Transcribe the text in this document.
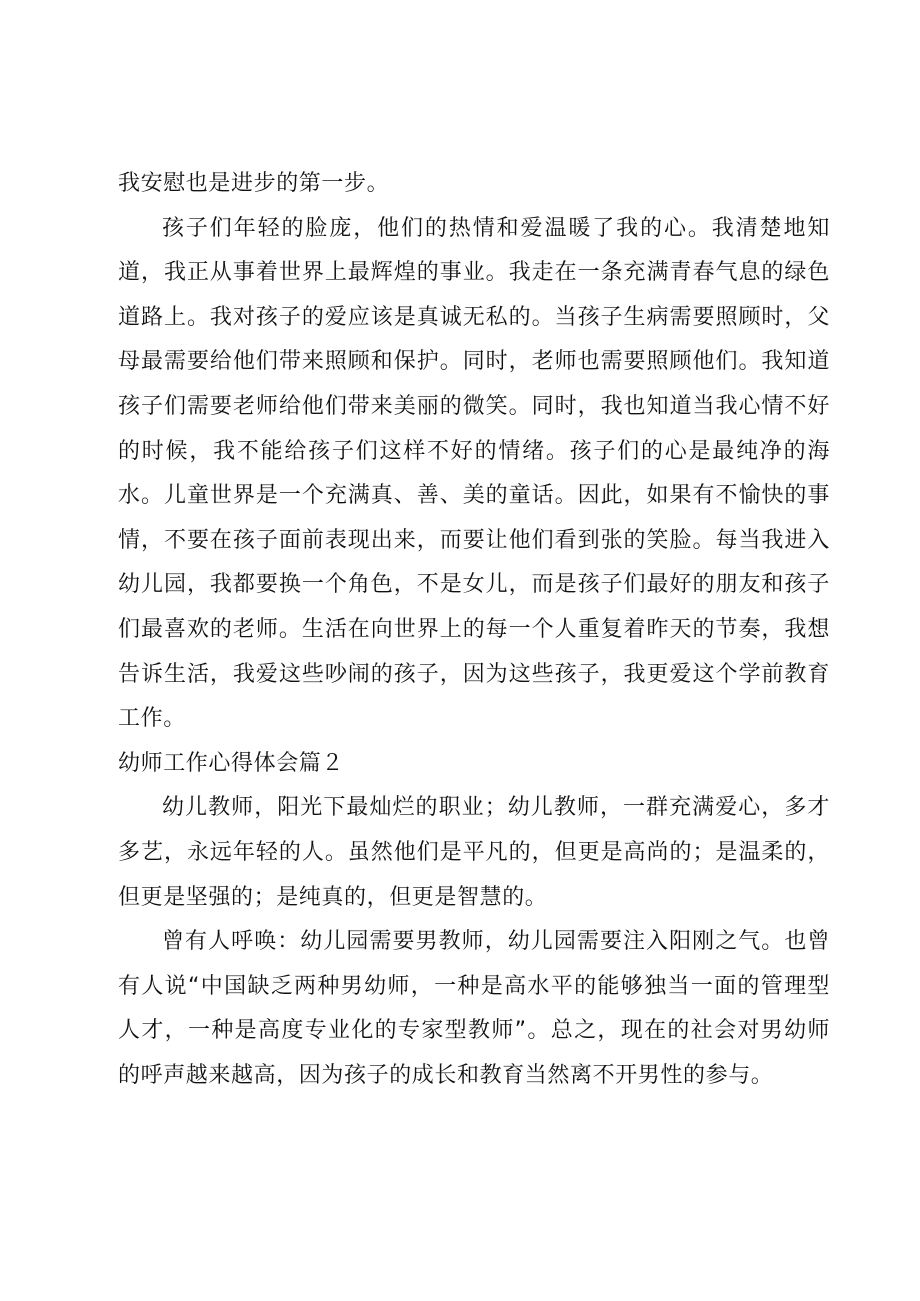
我安慰也是进步的第一步。

孩子们年轻的脸庞，他们的热情和爱温暖了我的心。我清楚地知道，我正从事着世界上最辉煌的事业。我走在一条充满青春气息的绿色道路上。我对孩子的爱应该是真诚无私的。当孩子生病需要照顾时，父母最需要给他们带来照顾和保护。同时，老师也需要照顾他们。我知道孩子们需要老师给他们带来美丽的微笑。同时，我也知道当我心情不好的时候，我不能给孩子们这样不好的情绪。孩子们的心是最纯净的海水。儿童世界是一个充满真、善、美的童话。因此，如果有不愉快的事情，不要在孩子面前表现出来，而要让他们看到张的笑脸。每当我进入幼儿园，我都要换一个角色，不是女儿，而是孩子们最好的朋友和孩子们最喜欢的老师。生活在向世界上的每一个人重复着昨天的节奏，我想告诉生活，我爱这些吵闹的孩子，因为这些孩子，我更爱这个学前教育工作。

幼师工作心得体会篇２

幼儿教师，阳光下最灿烂的职业；幼儿教师，一群充满爱心，多才多艺，永远年轻的人。虽然他们是平凡的，但更是高尚的；是温柔的，但更是坚强的；是纯真的，但更是智慧的。

曾有人呼唤：幼儿园需要男教师，幼儿园需要注入阳刚之气。也曾有人说“中国缺乏两种男幼师，一种是高水平的能够独当一面的管理型人才，一种是高度专业化的专家型教师”。总之，现在的社会对男幼师的呼声越来越高，因为孩子的成长和教育当然离不开男性的参与。
